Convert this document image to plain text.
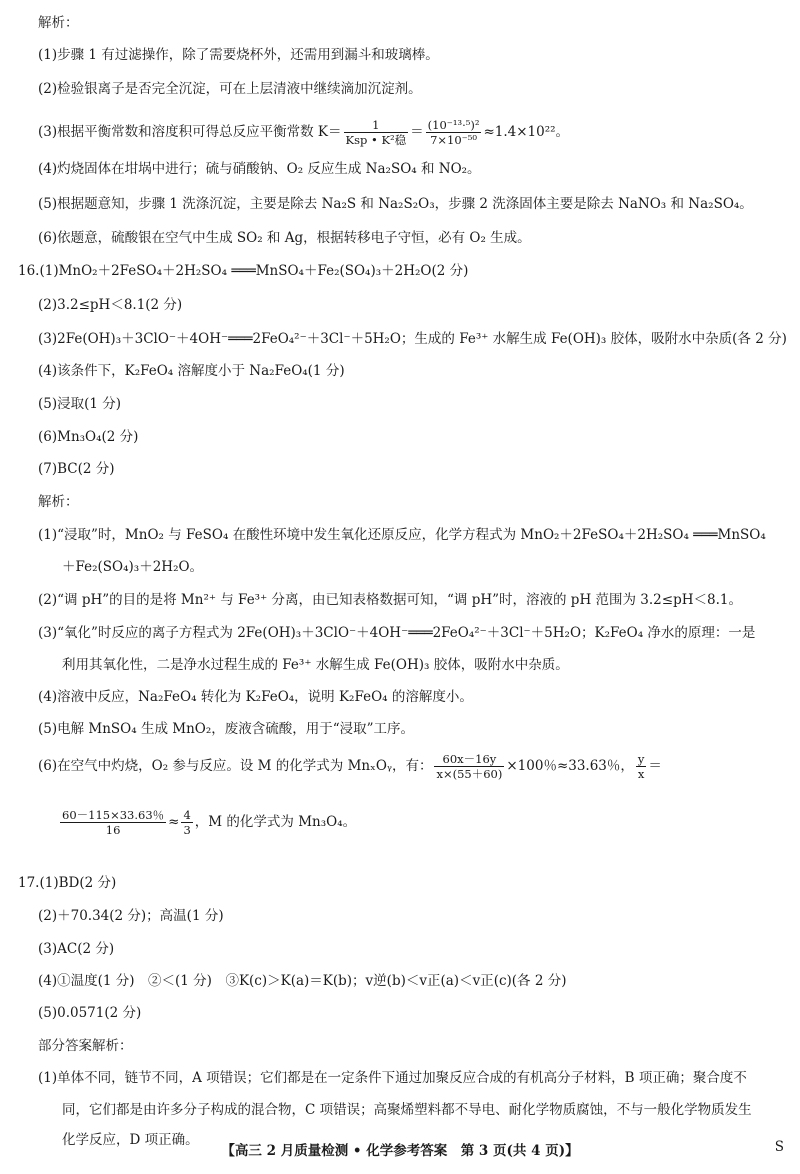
解析：
(1)步骤 1 有过滤操作，除了需要烧杯外，还需用到漏斗和玻璃棒。
(2)检验银离子是否完全沉淀，可在上层清液中继续滴加沉淀剂。
(4)灼烧固体在坩埚中进行；硫与硝酸钠、O₂ 反应生成 Na₂SO₄ 和 NO₂。
(5)根据题意知，步骤 1 洗涤沉淀，主要是除去 Na₂S 和 Na₂S₂O₃，步骤 2 洗涤固体主要是除去 NaNO₃ 和 Na₂SO₄。
(6)依题意，硫酸银在空气中生成 SO₂ 和 Ag，根据转移电子守恒，必有 O₂ 生成。
16.(1)MnO₂＋2FeSO₄＋2H₂SO₄ ═══MnSO₄＋Fe₂(SO₄)₃＋2H₂O(2 分)
(2)3.2≤pH＜8.1(2 分)
(3)2Fe(OH)₃＋3ClO⁻＋4OH⁻═══2FeO₄²⁻＋3Cl⁻＋5H₂O；生成的 Fe³⁺ 水解生成 Fe(OH)₃ 胶体，吸附水中杂质(各 2 分)
(4)该条件下，K₂FeO₄ 溶解度小于 Na₂FeO₄(1 分)
(5)浸取(1 分)
(6)Mn₃O₄(2 分)
(7)BC(2 分)
解析：
(1)“浸取”时，MnO₂ 与 FeSO₄ 在酸性环境中发生氧化还原反应，化学方程式为 MnO₂＋2FeSO₄＋2H₂SO₄ ═══MnSO₄
＋Fe₂(SO₄)₃＋2H₂O。
(2)“调 pH”的目的是将 Mn²⁺ 与 Fe³⁺ 分离，由已知表格数据可知，“调 pH”时，溶液的 pH 范围为 3.2≤pH＜8.1。
(3)“氧化”时反应的离子方程式为 2Fe(OH)₃＋3ClO⁻＋4OH⁻═══2FeO₄²⁻＋3Cl⁻＋5H₂O；K₂FeO₄ 净水的原理：一是
利用其氧化性，二是净水过程生成的 Fe³⁺ 水解生成 Fe(OH)₃ 胶体，吸附水中杂质。
(4)溶液中反应，Na₂FeO₄ 转化为 K₂FeO₄，说明 K₂FeO₄ 的溶解度小。
(5)电解 MnSO₄ 生成 MnO₂，废液含硫酸，用于“浸取”工序。
17.(1)BD(2 分)
(2)＋70.34(2 分)；高温(1 分)
(3)AC(2 分)
(4)①温度(1 分)　②＜(1 分)　③K(c)＞K(a)＝K(b)；v逆(b)＜v正(a)＜v正(c)(各 2 分)
(5)0.0571(2 分)
部分答案解析：
(1)单体不同，链节不同，A 项错误；它们都是在一定条件下通过加聚反应合成的有机高分子材料，B 项正确；聚合度不
同，它们都是由许多分子构成的混合物，C 项错误；高聚烯塑料都不导电、耐化学物质腐蚀，不与一般化学物质发生
化学反应，D 项正确。
(3)根据平衡常数和溶度积可得总反应平衡常数 $K= \frac{1}{\text{Ksp • K²稳}} = \frac{\text{(10⁻¹³·⁵)²}}{\text{7×10⁻⁵⁰}} \approx 1.4\times 10^{22}$。
(6)在空气中灼烧，O₂ 参与反应。设 M 的化学式为 MnₓOᵧ，有： $\frac{60x-16y}{x\times(55+60)} \times 100$％≈33.63％， $\frac{y}{x}$ ＝
$\frac{60-115\times 33.63\%}{16} \approx \frac{4}{3}$ ，M 的化学式为 Mn₃O₄。
【高三 2 月质量检测 • 化学参考答案　第 3 页(共 4 页)】	S
